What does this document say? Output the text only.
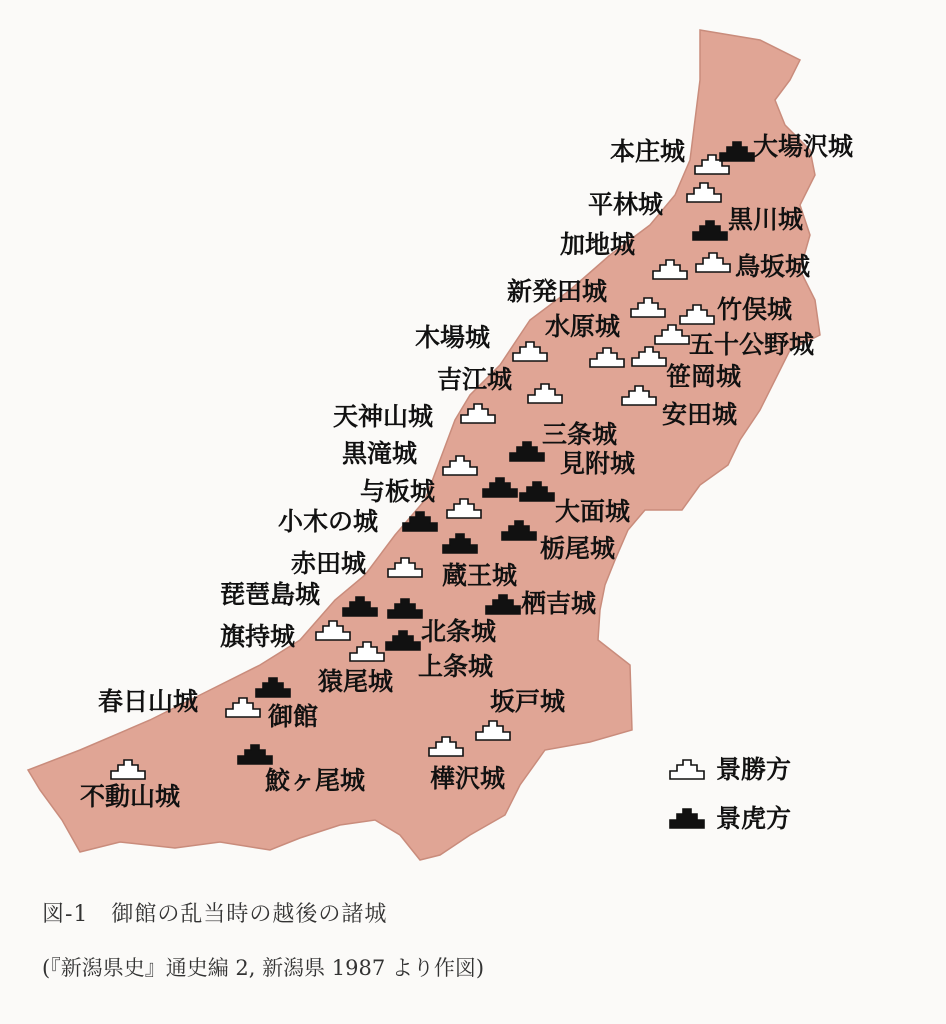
本庄城	大場沢城
平林城
黒川城
加地城
鳥坂城
新発田城
竹俣城
木場城 水原城
五十公野城
吉江城	笹岡城
安田城
天神山城
三条城
黒滝城	見附城
与板城
大面城
小木の城
栃尾城
赤田城	蔵王城
琵琶島城	栖吉城
旗持城	北条城
猿尾城
上条城
春日山城
御館
坂戸城
樺沢城
不動山城
鮫ヶ尾城	景勝方
景虎方
図-1　御館の乱当時の越後の諸城
(『新潟県史』通史編 2, 新潟県 1987 より作図)
